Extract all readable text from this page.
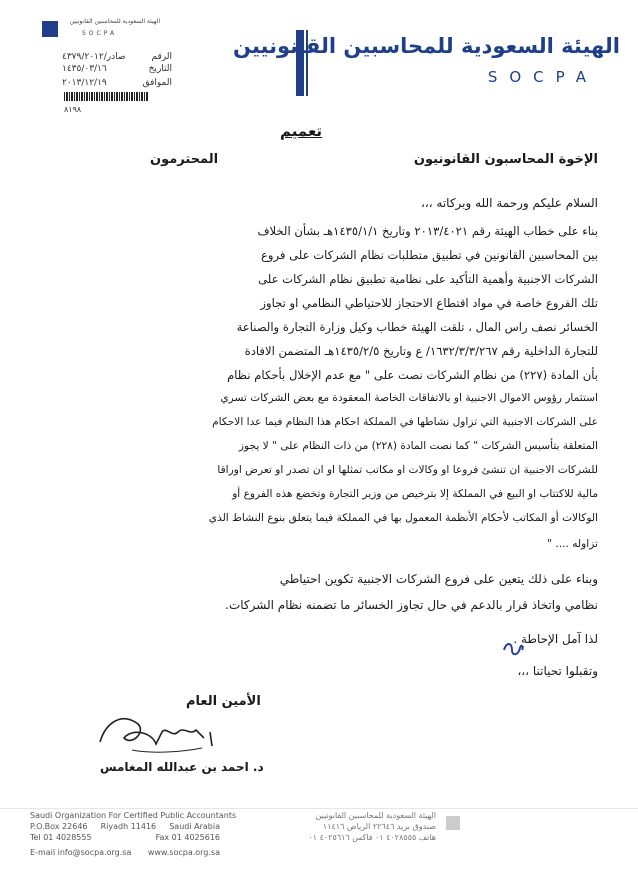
الهيئة السعودية للمحاسبين القانونيين
SOCPA
الهيئة السعودية للمحاسبين القانونيين
SOCPA
الرقم
صادر/٤٣٧٩/٢٠١٢
التاريخ
١٤٣٥/٠٣/١٦
الموافق
٢٠١٣/١٢/١٩
٨١٩٨
تعميم
الإخوة المحاسبون القانونيون
المحترمون
السلام عليكم ورحمة الله وبركاته ،،،
بناء على خطاب الهيئة رقم ٢٠١٣/٤٠٢١ وتاريخ ١٤٣٥/١/١هـ بشأن الخلاف
بين المحاسبين القانونين في تطبيق متطلبات نظام الشركات على فروع
الشركات الاجنبية وأهمية التأكيد على نظامية تطبيق نظام الشركات على
تلك الفروع خاصة في مواد اقتطاع الاحتجاز للاحتياطي النظامي او تجاوز
الخسائر نصف راس المال ، تلقت الهيئة خطاب وكيل وزارة التجارة والصناعة
للتجارة الداخلية رقم ١٦٣٢/٣/٣/٢٦٧/ ع وتاريخ ١٤٣٥/٢/٥هـ المتضمن الافادة
بأن المادة (٢٢٧) من نظام الشركات نصت على " مع عدم الإخلال بأحكام نظام
استثمار رؤوس الاموال الاجنبية او بالاتفاقات الخاصة المعقودة مع بعض الشركات تسري
على الشركات الاجنبية التي تزاول نشاطها في المملكة احكام هذا النظام فيما عدا الاحكام
المتعلقة بتأسيس الشركات " كما نصت المادة (٢٢٨) من ذات النظام على " لا يجوز
للشركات الاجنبية ان تنشئ فروعا او وكالات او مكاتب تمثلها او ان تصدر او تعرض اوراقا
مالية للاكتتاب او البيع في المملكة إلا بترخيص من وزير التجارة وتخضع هذه الفروع أو
الوكالات أو المكاتب لأحكام الأنظمة المعمول بها في المملكة فيما يتعلق بنوع النشاط الذي
تزاوله .... "
وبناء على ذلك يتعين على فروع الشركات الاجنبية تكوين احتياطي
نظامي واتخاذ قرار بالدعم في حال تجاوز الخسائر ما تضمنه نظام الشركات.
لذا آمل الإحاطة .
وتقبلوا تحياتنا ،،،
الأمين العام
د. احمد بن عبدالله المغامس
Saudi Organization For Certified Public Accountants
P.O.Box 22646 Riyadh 11416 Saudi Arabia
Tel 01 4028555	Fax 01 4025616
E-mail info@socpa.org.sa www.socpa.org.sa
الهيئة السعودية للمحاسبين القانونيين
صندوق بريد ٢٢٦٤٦ الرياض ١١٤١٦
هاتف ٤٠٢٨٥٥٥ ٠١ فاكس ٤٠٢٥٦١٦ ٠١
